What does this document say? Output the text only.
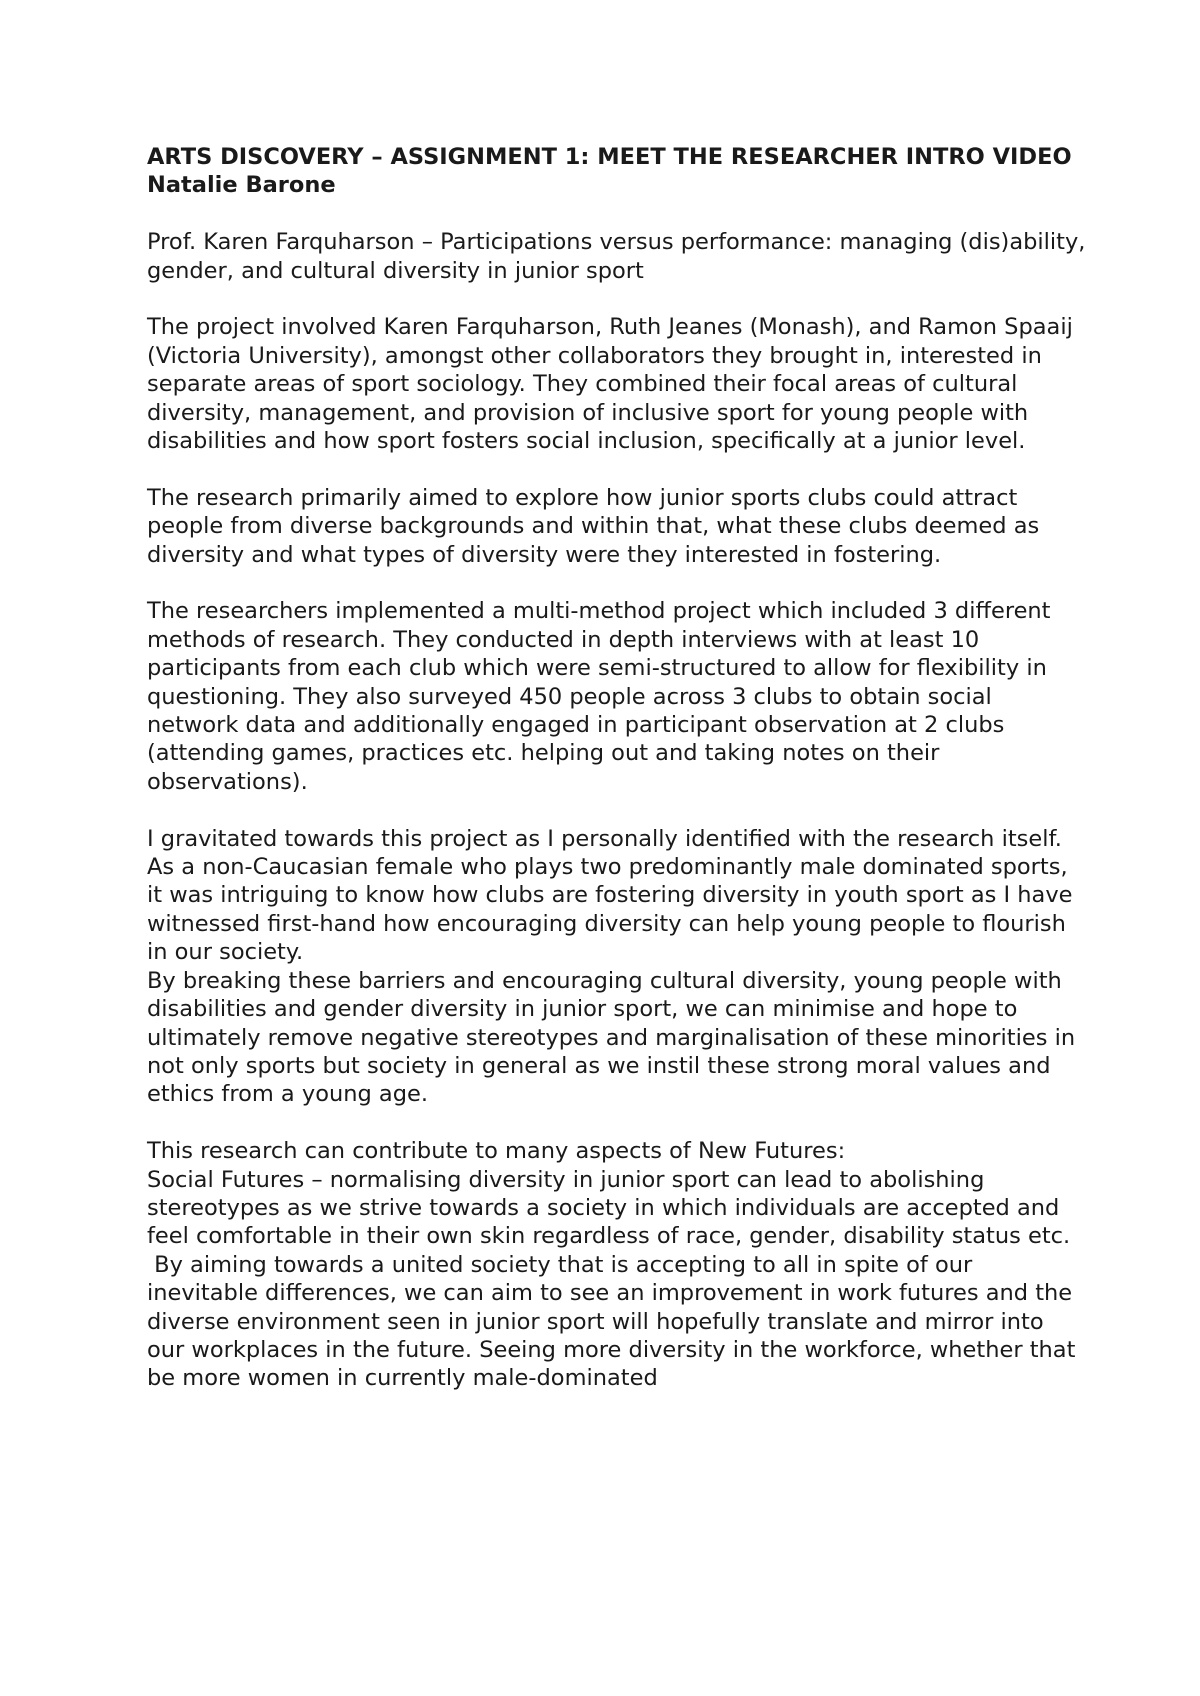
ARTS DISCOVERY – ASSIGNMENT 1: MEET THE RESEARCHER INTRO VIDEO

Natalie Barone

Prof. Karen Farquharson – Participations versus performance: managing (dis)ability, gender, and cultural diversity in junior sport

The project involved Karen Farquharson, Ruth Jeanes (Monash), and Ramon Spaaij (Victoria University), amongst other collaborators they brought in, interested in separate areas of sport sociology. They combined their focal areas of cultural diversity, management, and provision of inclusive sport for young people with disabilities and how sport fosters social inclusion, specifically at a junior level.

The research primarily aimed to explore how junior sports clubs could attract people from diverse backgrounds and within that, what these clubs deemed as diversity and what types of diversity were they interested in fostering.

The researchers implemented a multi-method project which included 3 different methods of research. They conducted in depth interviews with at least 10 participants from each club which were semi-structured to allow for flexibility in questioning. They also surveyed 450 people across 3 clubs to obtain social network data and additionally engaged in participant observation at 2 clubs (attending games, practices etc. helping out and taking notes on their observations).

I gravitated towards this project as I personally identified with the research itself. As a non-Caucasian female who plays two predominantly male dominated sports, it was intriguing to know how clubs are fostering diversity in youth sport as I have witnessed first-hand how encouraging diversity can help young people to flourish in our society.

By breaking these barriers and encouraging cultural diversity, young people with disabilities and gender diversity in junior sport, we can minimise and hope to ultimately remove negative stereotypes and marginalisation of these minorities in not only sports but society in general as we instil these strong moral values and ethics from a young age.

This research can contribute to many aspects of New Futures:

Social Futures – normalising diversity in junior sport can lead to abolishing stereotypes as we strive towards a society in which individuals are accepted and feel comfortable in their own skin regardless of race, gender, disability status etc.

By aiming towards a united society that is accepting to all in spite of our inevitable differences, we can aim to see an improvement in work futures and the diverse environment seen in junior sport will hopefully translate and mirror into our workplaces in the future. Seeing more diversity in the workforce, whether that be more women in currently male-dominated
